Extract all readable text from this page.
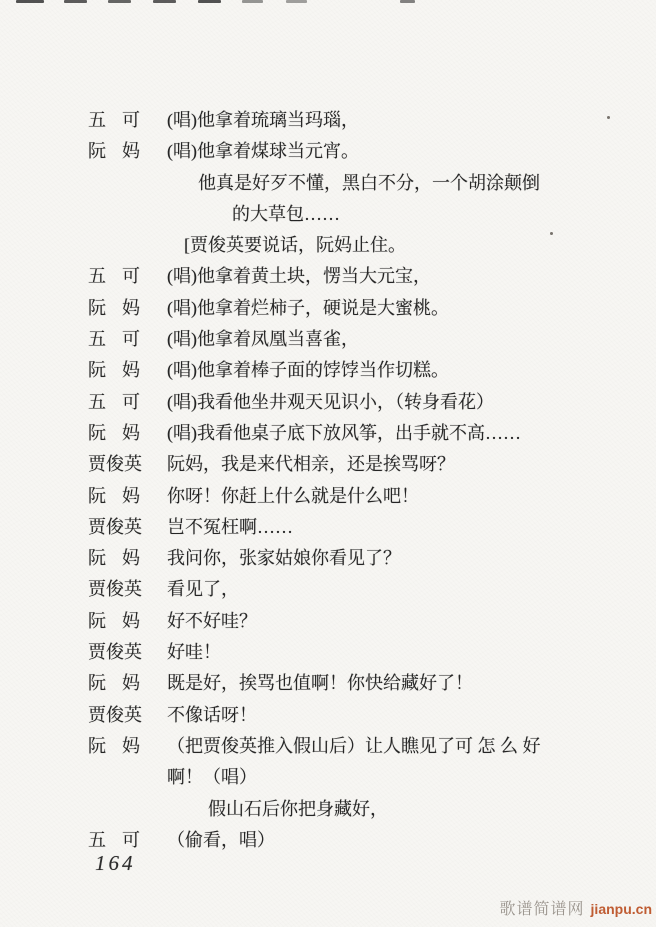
五可 (唱)他拿着琉璃当玛瑙，
阮妈 (唱)他拿着煤球当元宵。
他真是好歹不懂，黑白不分，一个胡涂颠倒
的大草包……
[贾俊英要说话，阮妈止住。
五可 (唱)他拿着黄土块，愣当大元宝，
阮妈 (唱)他拿着烂柿子，硬说是大蜜桃。
五可 (唱)他拿着凤凰当喜雀，
阮妈 (唱)他拿着棒子面的饽饽当作切糕。
五可 (唱)我看他坐井观天见识小，（转身看花）
阮妈 (唱)我看他桌子底下放风筝，出手就不高……
贾俊英 阮妈，我是来代相亲，还是挨骂呀？
阮妈 你呀！你赶上什么就是什么吧！
贾俊英 岂不冤枉啊……
阮妈 我问你，张家姑娘你看见了？
贾俊英 看见了，
阮妈 好不好哇？
贾俊英 好哇！
阮妈 既是好，挨骂也值啊！你快给藏好了！
贾俊英 不像话呀！
阮妈 （把贾俊英推入假山后）让人瞧见了可 怎 么 好
啊！（唱）
假山石后你把身藏好，
五可 （偷看，唱）
164
歌谱简谱网 jianpu.cn
